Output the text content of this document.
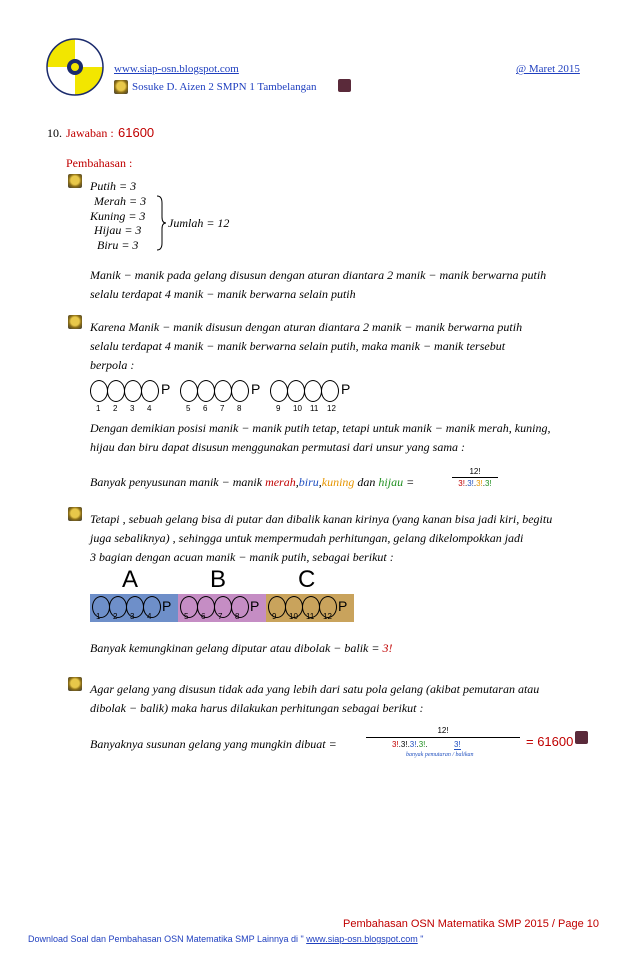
www.siap-osn.blogspot.com	@ Maret 2015
Sosuke D. Aizen 2 SMPN 1 Tambelangan
10. Jawaban : 61600
Pembahasan :
Putih = 3
Merah = 3
Kuning = 3
Hijau = 3
Biru = 3
Jumlah = 12
Manik − manik pada gelang disusun dengan aturan diantara 2 manik − manik berwarna putih
selalu terdapat 4 manik − manik berwarna selain putih
Karena Manik − manik disusun dengan aturan diantara 2 manik − manik berwarna putih
selalu terdapat 4 manik − manik berwarna selain putih, maka manik − manik tersebut
berpola :
1 2 3 4
P
5 6 7 8
P
9 10 11 12
P
Dengan demikian posisi manik − manik putih tetap, tetapi untuk manik − manik merah, kuning,
hijau dan biru dapat disusun menggunakan permutasi dari unsur yang sama :
Banyak penyusunan manik − manik merah,biru,kuning dan hijau =	$\frac{12!}{3!.3!.3!.3!}$
Tetapi , sebuah gelang bisa di putar dan dibalik kanan kirinya (yang kanan bisa jadi kiri, begitu
juga sebaliknya) , sehingga untuk mempermudah perhitungan, gelang dikelompokkan jadi
3 bagian dengan acuan manik − manik putih, sebagai berikut :
A	B	C
1 2 3 4
P
5 6 7 8
P
9 10 11 12
P
Banyak kemungkinan gelang diputar atau dibolak − balik = 3!
Agar gelang yang disusun tidak ada yang lebih dari satu pola gelang (akibat pemutaran atau
dibolak − balik) maka harus dilakukan perhitungan sebagai berikut :
Banyaknya susunan gelang yang mungkin dibuat =
12!
3!.3!.3!.3!.	3!
banyak pemutaran / balikan
= 61600
Pembahasan OSN Matematika SMP 2015 / Page 10
Download Soal dan Pembahasan OSN Matematika SMP Lainnya di " www.siap-osn.blogspot.com "
